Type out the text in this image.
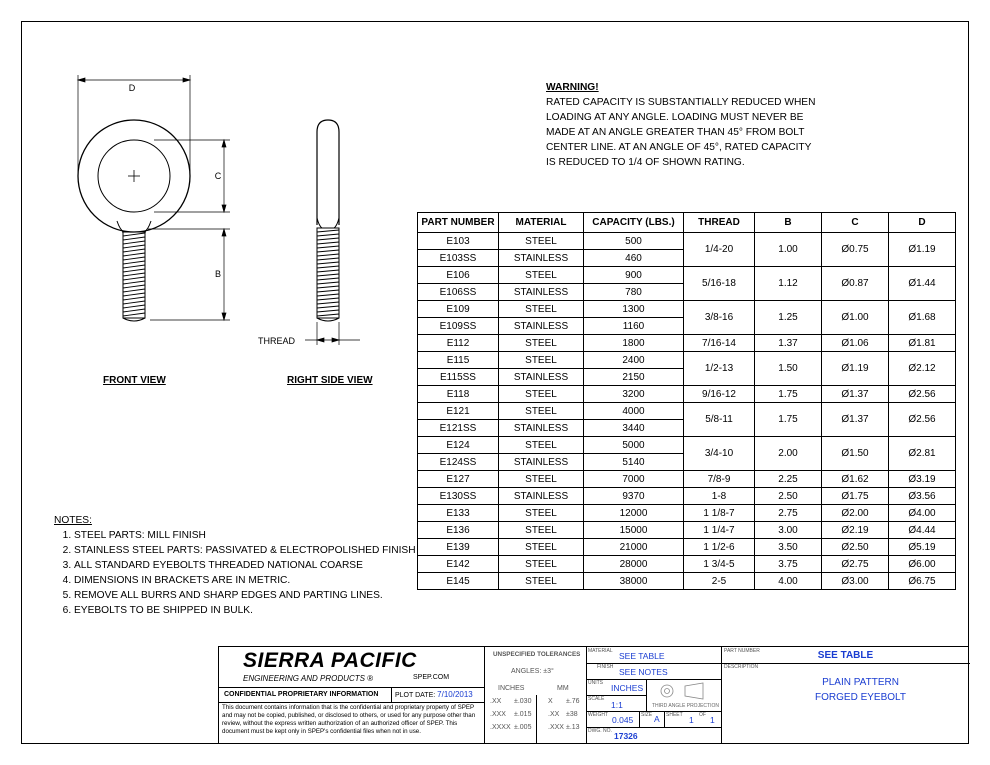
D
C
B
THREAD
FRONT VIEW	RIGHT SIDE VIEW
WARNING!
RATED CAPACITY IS SUBSTANTIALLY REDUCED WHEN
LOADING AT ANY ANGLE. LOADING MUST NEVER BE
MADE AT AN ANGLE GREATER THAN 45° FROM BOLT
CENTER LINE. AT AN ANGLE OF 45°, RATED CAPACITY
IS REDUCED TO 1/4 OF SHOWN RATING.
PART NUMBER	MATERIAL	CAPACITY (LBS.)	THREAD	B	C	D
E103	STEEL	500	1/4-20	1.00	Ø0.75	Ø1.19
E103SS	STAINLESS	460				
E106	STEEL	900	5/16-18	1.12	Ø0.87	Ø1.44
E106SS	STAINLESS	780				
E109	STEEL	1300	3/8-16	1.25	Ø1.00	Ø1.68
E109SS	STAINLESS	1160				
E112	STEEL	1800	7/16-14	1.37	Ø1.06	Ø1.81
E115	STEEL	2400	1/2-13	1.50	Ø1.19	Ø2.12
E115SS	STAINLESS	2150				
E118	STEEL	3200	9/16-12	1.75	Ø1.37	Ø2.56
E121	STEEL	4000	5/8-11	1.75	Ø1.37	Ø2.56
E121SS	STAINLESS	3440				
E124	STEEL	5000	3/4-10	2.00	Ø1.50	Ø2.81
E124SS	STAINLESS	5140				
E127	STEEL	7000	7/8-9	2.25	Ø1.62	Ø3.19
E130SS	STAINLESS	9370	1-8	2.50	Ø1.75	Ø3.56
E133	STEEL	12000	1 1/8-7	2.75	Ø2.00	Ø4.00
E136	STEEL	15000	1 1/4-7	3.00	Ø2.19	Ø4.44
E139	STEEL	21000	1 1/2-6	3.50	Ø2.50	Ø5.19
E142	STEEL	28000	1 3/4-5	3.75	Ø2.75	Ø6.00
E145	STEEL	38000	2-5	4.00	Ø3.00	Ø6.75
NOTES:
1. STEEL PARTS: MILL FINISH
2. STAINLESS STEEL PARTS: PASSIVATED & ELECTROPOLISHED FINISH
3. ALL STANDARD EYEBOLTS THREADED NATIONAL COARSE
4. DIMENSIONS IN BRACKETS ARE IN METRIC.
5. REMOVE ALL BURRS AND SHARP EDGES AND PARTING LINES.
6. EYEBOLTS TO BE SHIPPED IN BULK.
SIERRA PACIFIC
ENGINEERING AND PRODUCTS ®	SPEP.COM
CONFIDENTIAL PROPRIETARY INFORMATION PLOT DATE: 7/10/2013
This document contains information that is the confidential and proprietary property of SPEP and may not be copied, published, or disclosed to others, or used for any purpose other than review, without the express written authorization of an authorized officer of SPEP. This document must be kept only in SPEP's confidential files when not in use.
UNSPECIFIED TOLERANCES
ANGLES: ±3°
INCHES	MM
.XX ±.030 X ±.76
.XXX ±.015 .XX ±38
.XXXX ±.005 .XXX ±.13
MATERIAL SEE TABLE
FINISH SEE NOTES
UNITS INCHES
SCALE
1:1	THIRD ANGLE PROJECTION
WEIGHT 0.045 SIZE A SHEET 1 OF 1
DWG. NO. 17326
PART NUMBER	SEE TABLE
DESCRIPTION
PLAIN PATTERN
FORGED EYEBOLT
